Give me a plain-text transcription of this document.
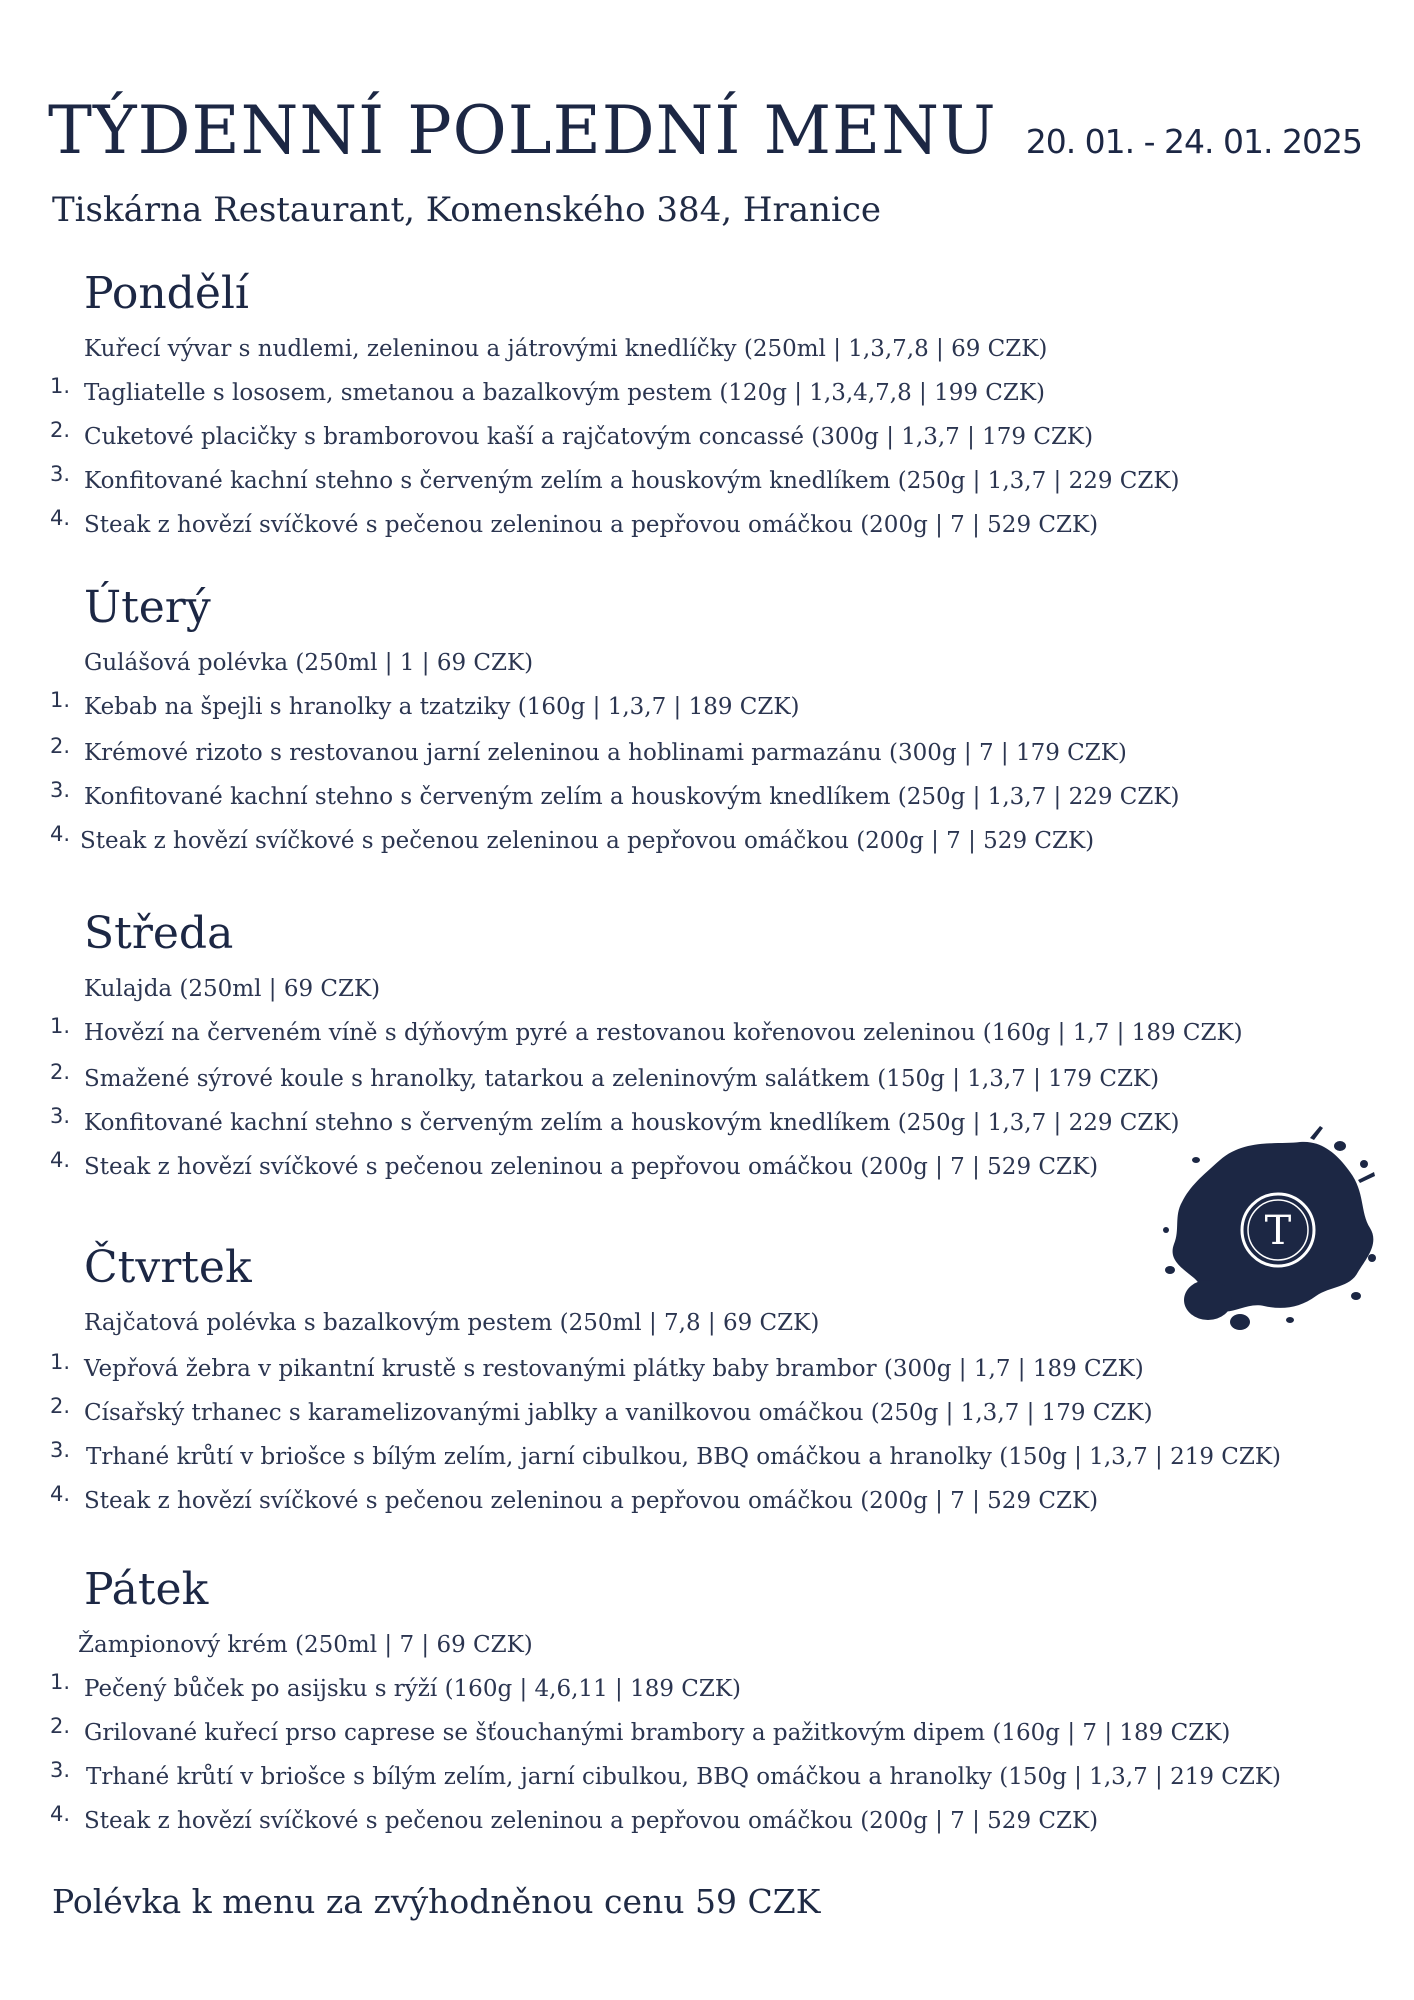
TÝDENNÍ POLEDNÍ MENU 20. 01. - 24. 01. 2025
Tiskárna Restaurant, Komenského 384, Hranice
Pondělí
Kuřecí vývar s nudlemi, zeleninou a játrovými knedlíčky (250ml | 1,3,7,8 | 69 CZK)
1. Tagliatelle s lososem, smetanou a bazalkovým pestem (120g | 1,3,4,7,8 | 199 CZK)
2. Cuketové placičky s bramborovou kaší a rajčatovým concassé (300g | 1,3,7 | 179 CZK)
3. Konfitované kachní stehno s červeným zelím a houskovým knedlíkem (250g | 1,3,7 | 229 CZK)
4. Steak z hovězí svíčkové s pečenou zeleninou a pepřovou omáčkou (200g | 7 | 529 CZK)
Úterý
Gulášová polévka (250ml | 1 | 69 CZK)
1. Kebab na špejli s hranolky a tzatziky (160g | 1,3,7 | 189 CZK)
2. Krémové rizoto s restovanou jarní zeleninou a hoblinami parmazánu (300g | 7 | 179 CZK)
3. Konfitované kachní stehno s červeným zelím a houskovým knedlíkem (250g | 1,3,7 | 229 CZK)
4. Steak z hovězí svíčkové s pečenou zeleninou a pepřovou omáčkou (200g | 7 | 529 CZK)
Středa
Kulajda (250ml | 69 CZK)
1. Hovězí na červeném víně s dýňovým pyré a restovanou kořenovou zeleninou (160g | 1,7 | 189 CZK)
2. Smažené sýrové koule s hranolky, tatarkou a zeleninovým salátkem (150g | 1,3,7 | 179 CZK)
3. Konfitované kachní stehno s červeným zelím a houskovým knedlíkem (250g | 1,3,7 | 229 CZK)
4. Steak z hovězí svíčkové s pečenou zeleninou a pepřovou omáčkou (200g | 7 | 529 CZK)
T
Čtvrtek
Rajčatová polévka s bazalkovým pestem (250ml | 7,8 | 69 CZK)
1. Vepřová žebra v pikantní krustě s restovanými plátky baby brambor (300g | 1,7 | 189 CZK)
2. Císařský trhanec s karamelizovanými jablky a vanilkovou omáčkou (250g | 1,3,7 | 179 CZK)
3. Trhané krůtí v briošce s bílým zelím, jarní cibulkou, BBQ omáčkou a hranolky (150g | 1,3,7 | 219 CZK)
4. Steak z hovězí svíčkové s pečenou zeleninou a pepřovou omáčkou (200g | 7 | 529 CZK)
Pátek
Žampionový krém (250ml | 7 | 69 CZK)
1. Pečený bůček po asijsku s rýží (160g | 4,6,11 | 189 CZK)
2. Grilované kuřecí prso caprese se šťouchanými brambory a pažitkovým dipem (160g | 7 | 189 CZK)
3. Trhané krůtí v briošce s bílým zelím, jarní cibulkou, BBQ omáčkou a hranolky (150g | 1,3,7 | 219 CZK)
4. Steak z hovězí svíčkové s pečenou zeleninou a pepřovou omáčkou (200g | 7 | 529 CZK)
Polévka k menu za zvýhodněnou cenu 59 CZK
